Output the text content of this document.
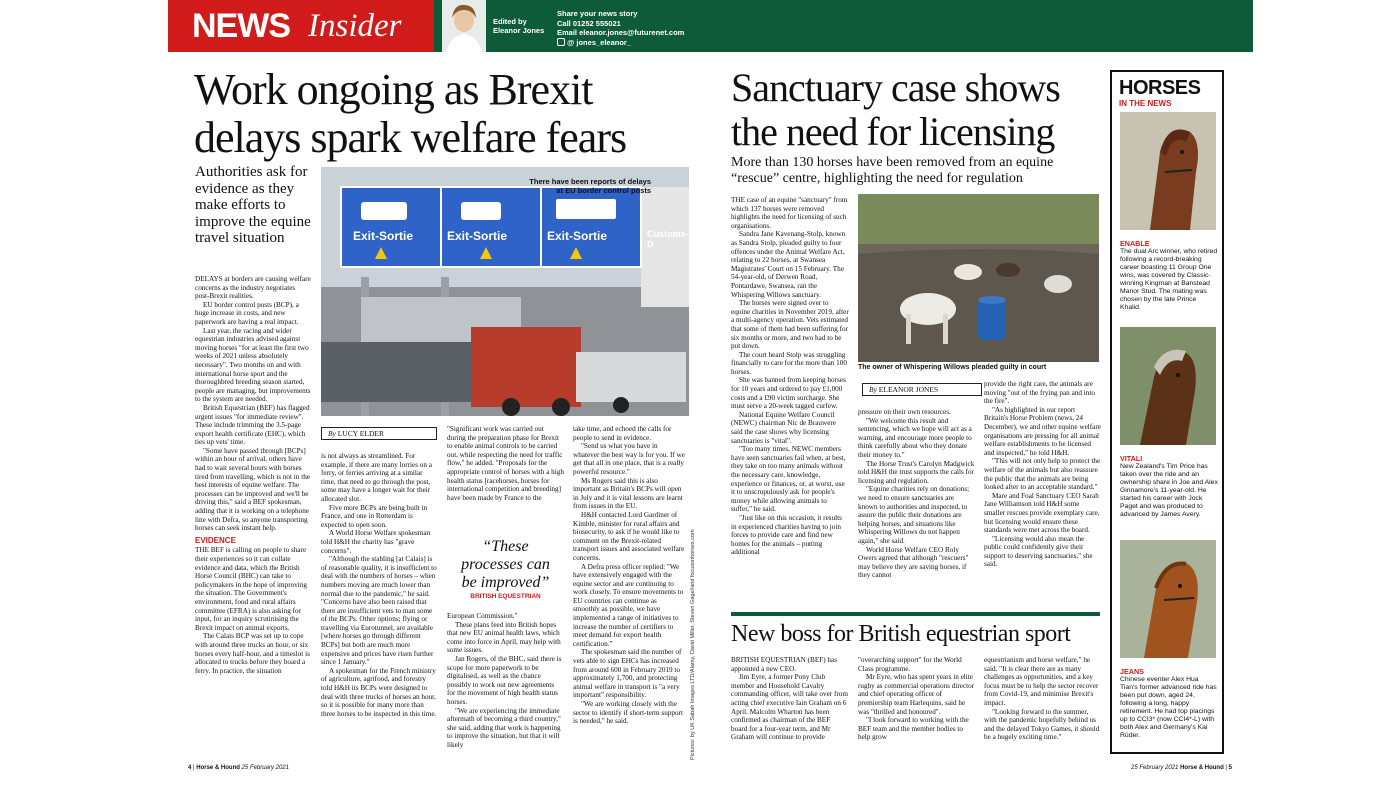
NEWS Insider	Edited by
Eleanor Jones
Share your news story
Call 01252 555021
Email eleanor.jones@futurenet.com
@ jones_eleanor_
Work ongoing as Brexit
delays spark welfare fears
Authorities ask for evidence as they make efforts to improve the equine travel situation	Exit-Sortie	Exit-Sortie	Exit-Sortie	Customs-D
There have been reports of delays
at EU border control posts

DELAYS at borders are causing welfare concerns as the industry negotiates post-Brexit realities.

EU border control posts (BCP), a huge increase in costs, and new paperwork are having a real impact.

Last year, the racing and wider equestrian industries advised against moving horses "for at least the first two weeks of 2021 unless absolutely necessary". Two months on and with international horse sport and the thoroughbred breeding season started, people are managing, but improvements to the system are needed.

British Equestrian (BEF) has flagged urgent issues "for immediate review". These include trimming the 3.5-page export health certificate (EHC), which ties up vets' time.

"Some have passed through [BCPs] within an hour of arrival, others have had to wait several hours with horses tired from travelling, which is not in the best interests of equine welfare. The processes can be improved and we'll be driving this," said a BEF spokesman, adding that it is working on a telephone line with Defra, so anyone transporting horses can seek instant help.

EVIDENCE

THE BEF is calling on people to share their experiences so it can collate evidence and data, which the British Horse Council (BHC) can take to policymakers in the hope of improving the situation. The Government's environment, food and rural affairs committee (EFRA) is also asking for input, for an inquiry scrutinising the Brexit impact on animal exports.

The Calais BCP was set up to cope with around three trucks an hour, or six horses every half-hour, and a timeslot is allocated to trucks before they board a ferry. In practice, the situation

By LUCY ELDER

is not always as streamlined. For example, if there are many lorries on a ferry, or ferries arriving at a similar time, that need to go through the post, some may have a longer wait for their allocated slot.

Five more BCPs are being built in France, and one in Rotterdam is expected to open soon.

A World Horse Welfare spokesman told H&H the charity has "grave concerns".

"Although the stabling [at Calais] is of reasonable quality, it is insufficient to deal with the numbers of horses – when numbers moving are much lower than normal due to the pandemic," he said. "Concerns have also been raised that there are insufficient vets to man some of the BCPs. Other options; flying or travelling via Eurotunnel, are available [where horses go through different BCPs] but both are much more expensive and prices have risen further since 1 January."

A spokesman for the French ministry of agriculture, agrifood, and forestry told H&H its BCPs were designed to deal with three trucks of horses an hour, so it is possible for many more than three horses to be inspected in this time.

"Significant work was carried out during the preparation phase for Brexit to enable animal controls to be carried out, while respecting the need for traffic flow," he added. "Proposals for the appropriate control of horses with a high health status [racehorses, horses for international competition and breeding] have been made by France to the

“These
processes can
be improved”
BRITISH EQUESTRIAN

European Commission."

These plans feed into British hopes that new EU animal health laws, which come into force in April, may help with some issues.

Jan Rogers, of the BHC, said there is scope for more paperwork to be digitalised, as well as the chance possibly to work out new agreements for the movement of high health status horses.

"We are experiencing the immediate aftermath of becoming a third country," she said, adding that work is happening to improve the situation, but that it will likely

take time, and echoed the calls for people to send in evidence.

"Send us what you have in whatever the best way is for you. If we get that all in one place, that is a really powerful resource."

Ms Rogers said this is also important as Britain's BCPs will open in July and it is vital lessons are learnt from issues in the EU.

H&H contacted Lord Gardiner of Kimble, minister for rural affairs and biosecurity, to ask if he would like to comment on the Brexit-related transport issues and associated welfare concerns.

A Defra press officer replied: "We have extensively engaged with the equine sector and are continuing to work closely. To ensure movements to EU countries can continue as smoothly as possible, we have implemented a range of initiatives to increase the number of certifiers to meet demand for export health certification."

The spokesman said the number of vets able to sign EHCs has increased from around 600 in February 2019 to approximately 1,700, and protecting animal welfare in transport is "a very important" responsibility.

"We are working closely with the sector to identify if short-term support is needed," he said.	Pictures: by UK Sabah Images LTD/Alamy, David Miller, Steven Gagel/and focusonhorses.com
Sanctuary case shows
the need for licensing
More than 130 horses have been removed from an equine “rescue” centre, highlighting the need for regulation
The owner of Whispering Willows pleaded guilty in court
By ELEANOR JONES

THE case of an equine "sanctuary" from which 137 horses were removed highlights the need for licensing of such organisations.

Sandra Jane Kavenang-Stolp, known as Sandra Stolp, pleaded guilty to four offences under the Animal Welfare Act, relating to 22 horses, at Swansea Magistrates' Court on 15 February. The 54-year-old, of Derwen Road, Pontardawe, Swansea, ran the Whispering Willows sanctuary.

The horses were signed over to equine charities in November 2019, after a multi-agency operation. Vets estimated that some of them had been suffering for six months or more, and two had to be put down.

The court heard Stolp was struggling financially to care for the more than 100 horses.

She was banned from keeping horses for 10 years and ordered to pay £1,000 costs and a £90 victim surcharge. She must serve a 20-week tagged curfew.

National Equine Welfare Council (NEWC) chairman Nic de Brauwere said the case shows why licensing sanctuaries is "vital".

"Too many times, NEWC members have seen sanctuaries fail when, at best, they take on too many animals without the necessary care, knowledge, experience or finances, or, at worst, use it to unscrupulously ask for people's money while allowing animals to suffer," he said.

"Just like on this occasion, it results in experienced charities having to join forces to provide care and find new homes for the animals – putting additional

pressure on their own resources.

"We welcome this result and sentencing, which we hope will act as a warning, and encourage more people to think carefully about who they donate their money to."

The Horse Trust's Carolyn Madgwick told H&H the trust supports the calls for licensing and regulation.

"Equine charities rely on donations; we need to ensure sanctuaries are known to authorities and inspected, to assure the public their donations are helping horses, and situations like Whispering Willows do not happen again," she said.

World Horse Welfare CEO Roly Owers agreed that although "rescuers" may believe they are saving horses, if they cannot

provide the right care, the animals are moving "out of the frying pan and into the fire".

"As highlighted in our report Britain's Horse Problem (news, 24 December), we and other equine welfare organisations are pressing for all animal welfare establishments to be licensed and inspected," he told H&H.

"This will not only help to protect the welfare of the animals but also reassure the public that the animals are being looked after to an acceptable standard."

Mare and Foal Sanctuary CEO Sarah Jane Williamson told H&H some smaller rescues provide exemplary care, but licensing would ensure these standards were met across the board.

"Licensing would also mean the public could confidently give their support to deserving sanctuaries," she said.

New boss for British equestrian sport

BRITISH EQUESTRIAN (BEF) has appointed a new CEO.

Jim Eyre, a former Pony Club member and Household Cavalry commanding officer, will take over from acting chief executive Iain Graham on 6 April. Malcolm Wharton has been confirmed as chairman of the BEF board for a four-year term, and Mr Graham will continue to provide

"overarching support" for the World Class programme.

Mr Eyre, who has spent years in elite rugby as commercial operations director and chief operating officer of premiership team Harlequins, said he was "thrilled and honoured".

"I look forward to working with the BEF team and the member bodies to help grow

equestrianism and horse welfare," he said. "It is clear there are as many challenges as opportunities, and a key focus must be to help the sector recover from Covid-19, and minimise Brexit's impact.

"Looking forward to the summer, with the pandemic hopefully behind us and the delayed Tokyo Games, it should be a hugely exciting time."

HORSES
IN THE NEWS
ENABLE
The dual Arc winner, who retired following a record-breaking career boasting 11 Group One wins, was covered by Classic-winning Kingman at Banstead Manor Stud. The mating was chosen by the late Prince Khalid.
VITALI
New Zealand's Tim Price has taken over the ride and an ownership share in Joe and Alex Ginnamore's 11-year-old. He started his career with Jock Paget and was produced to advanced by James Avery.
JEANS
Chinese eventer Alex Hua Tian's former advanced ride has been put down, aged 24, following a long, happy retirement. He had top placings up to CCI3* (now CCI4*-L) with both Alex and Germany's Kai Rüder.
4 | Horse & Hound 25 February 2021	25 February 2021 Horse & Hound | 5
